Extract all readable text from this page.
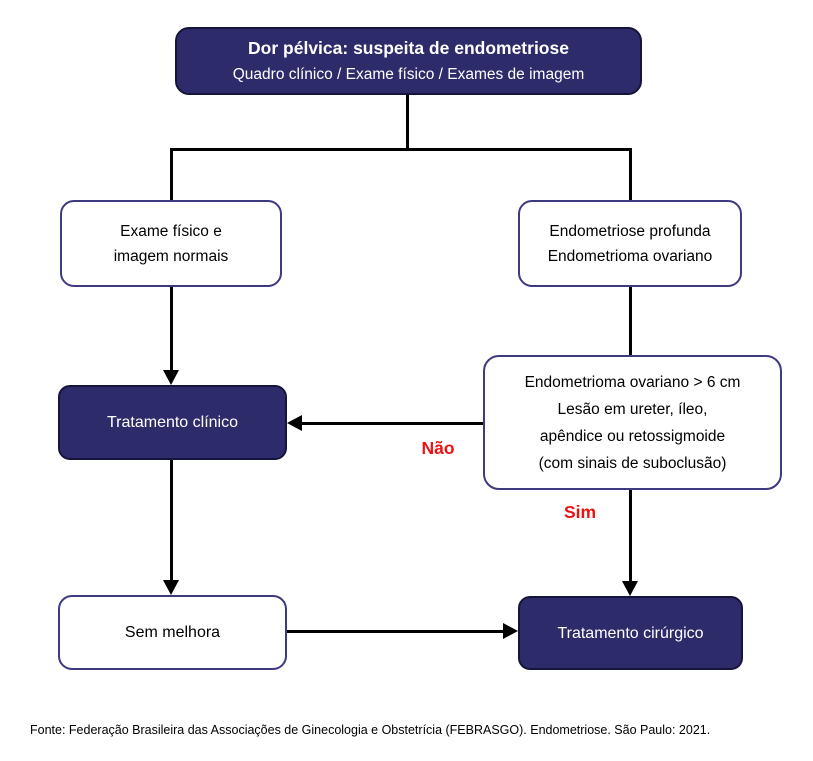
Dor pélvica: suspeita de endometriose
Quadro clínico / Exame físico / Exames de imagem
Exame físico e
imagem normais
Endometriose profunda
Endometrioma ovariano
Tratamento clínico
Endometrioma ovariano > 6 cm
Lesão em ureter, íleo,
apêndice ou retossigmoide
(com sinais de suboclusão)
Não
Sim
Sem melhora	Tratamento cirúrgico
Fonte: Federação Brasileira das Associações de Ginecologia e Obstetrícia (FEBRASGO). Endometriose. São Paulo: 2021.
